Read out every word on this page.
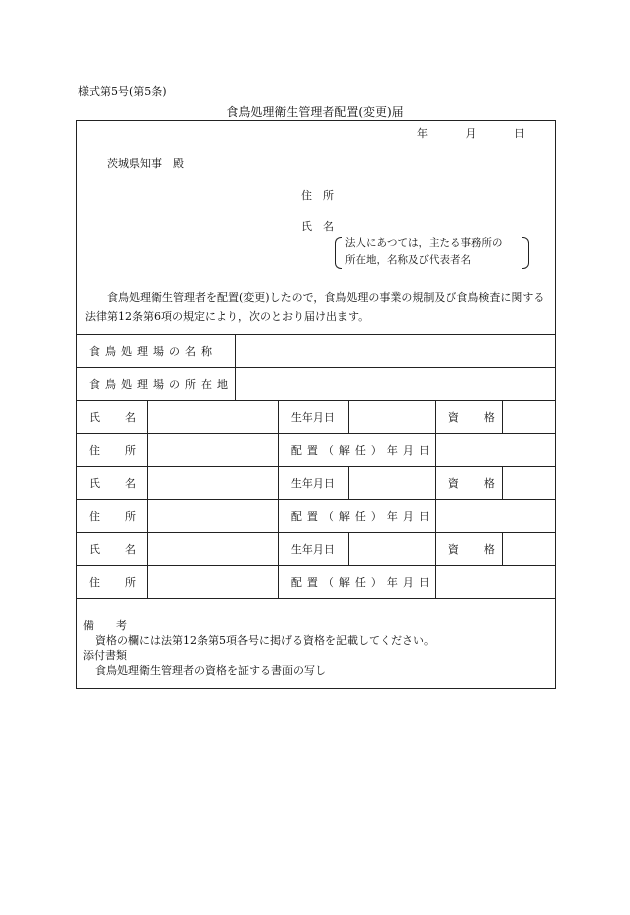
様式第5号(第5条)
食鳥処理衛生管理者配置(変更)届
年	月	日
茨城県知事　殿
住　所
氏　名
法人にあつては，主たる事務所の
所在地，名称及び代表者名
食鳥処理衛生管理者を配置(変更)したので，食鳥処理の事業の規制及び食鳥検査に関する法律第12条第6項の規定により，次のとおり届け出ます。
食鳥処理場の名称						
食鳥処理場の所在地						
氏　名			生年月日		資　格	
住　所			配置（解任）年月日			
氏　名			生年月日		資　格	
住　所			配置（解任）年月日			
氏　名			生年月日		資　格	
住　所			配置（解任）年月日			
備　　考
資格の欄には法第12条第5項各号に掲げる資格を記載してください。
添付書類
食鳥処理衛生管理者の資格を証する書面の写し
